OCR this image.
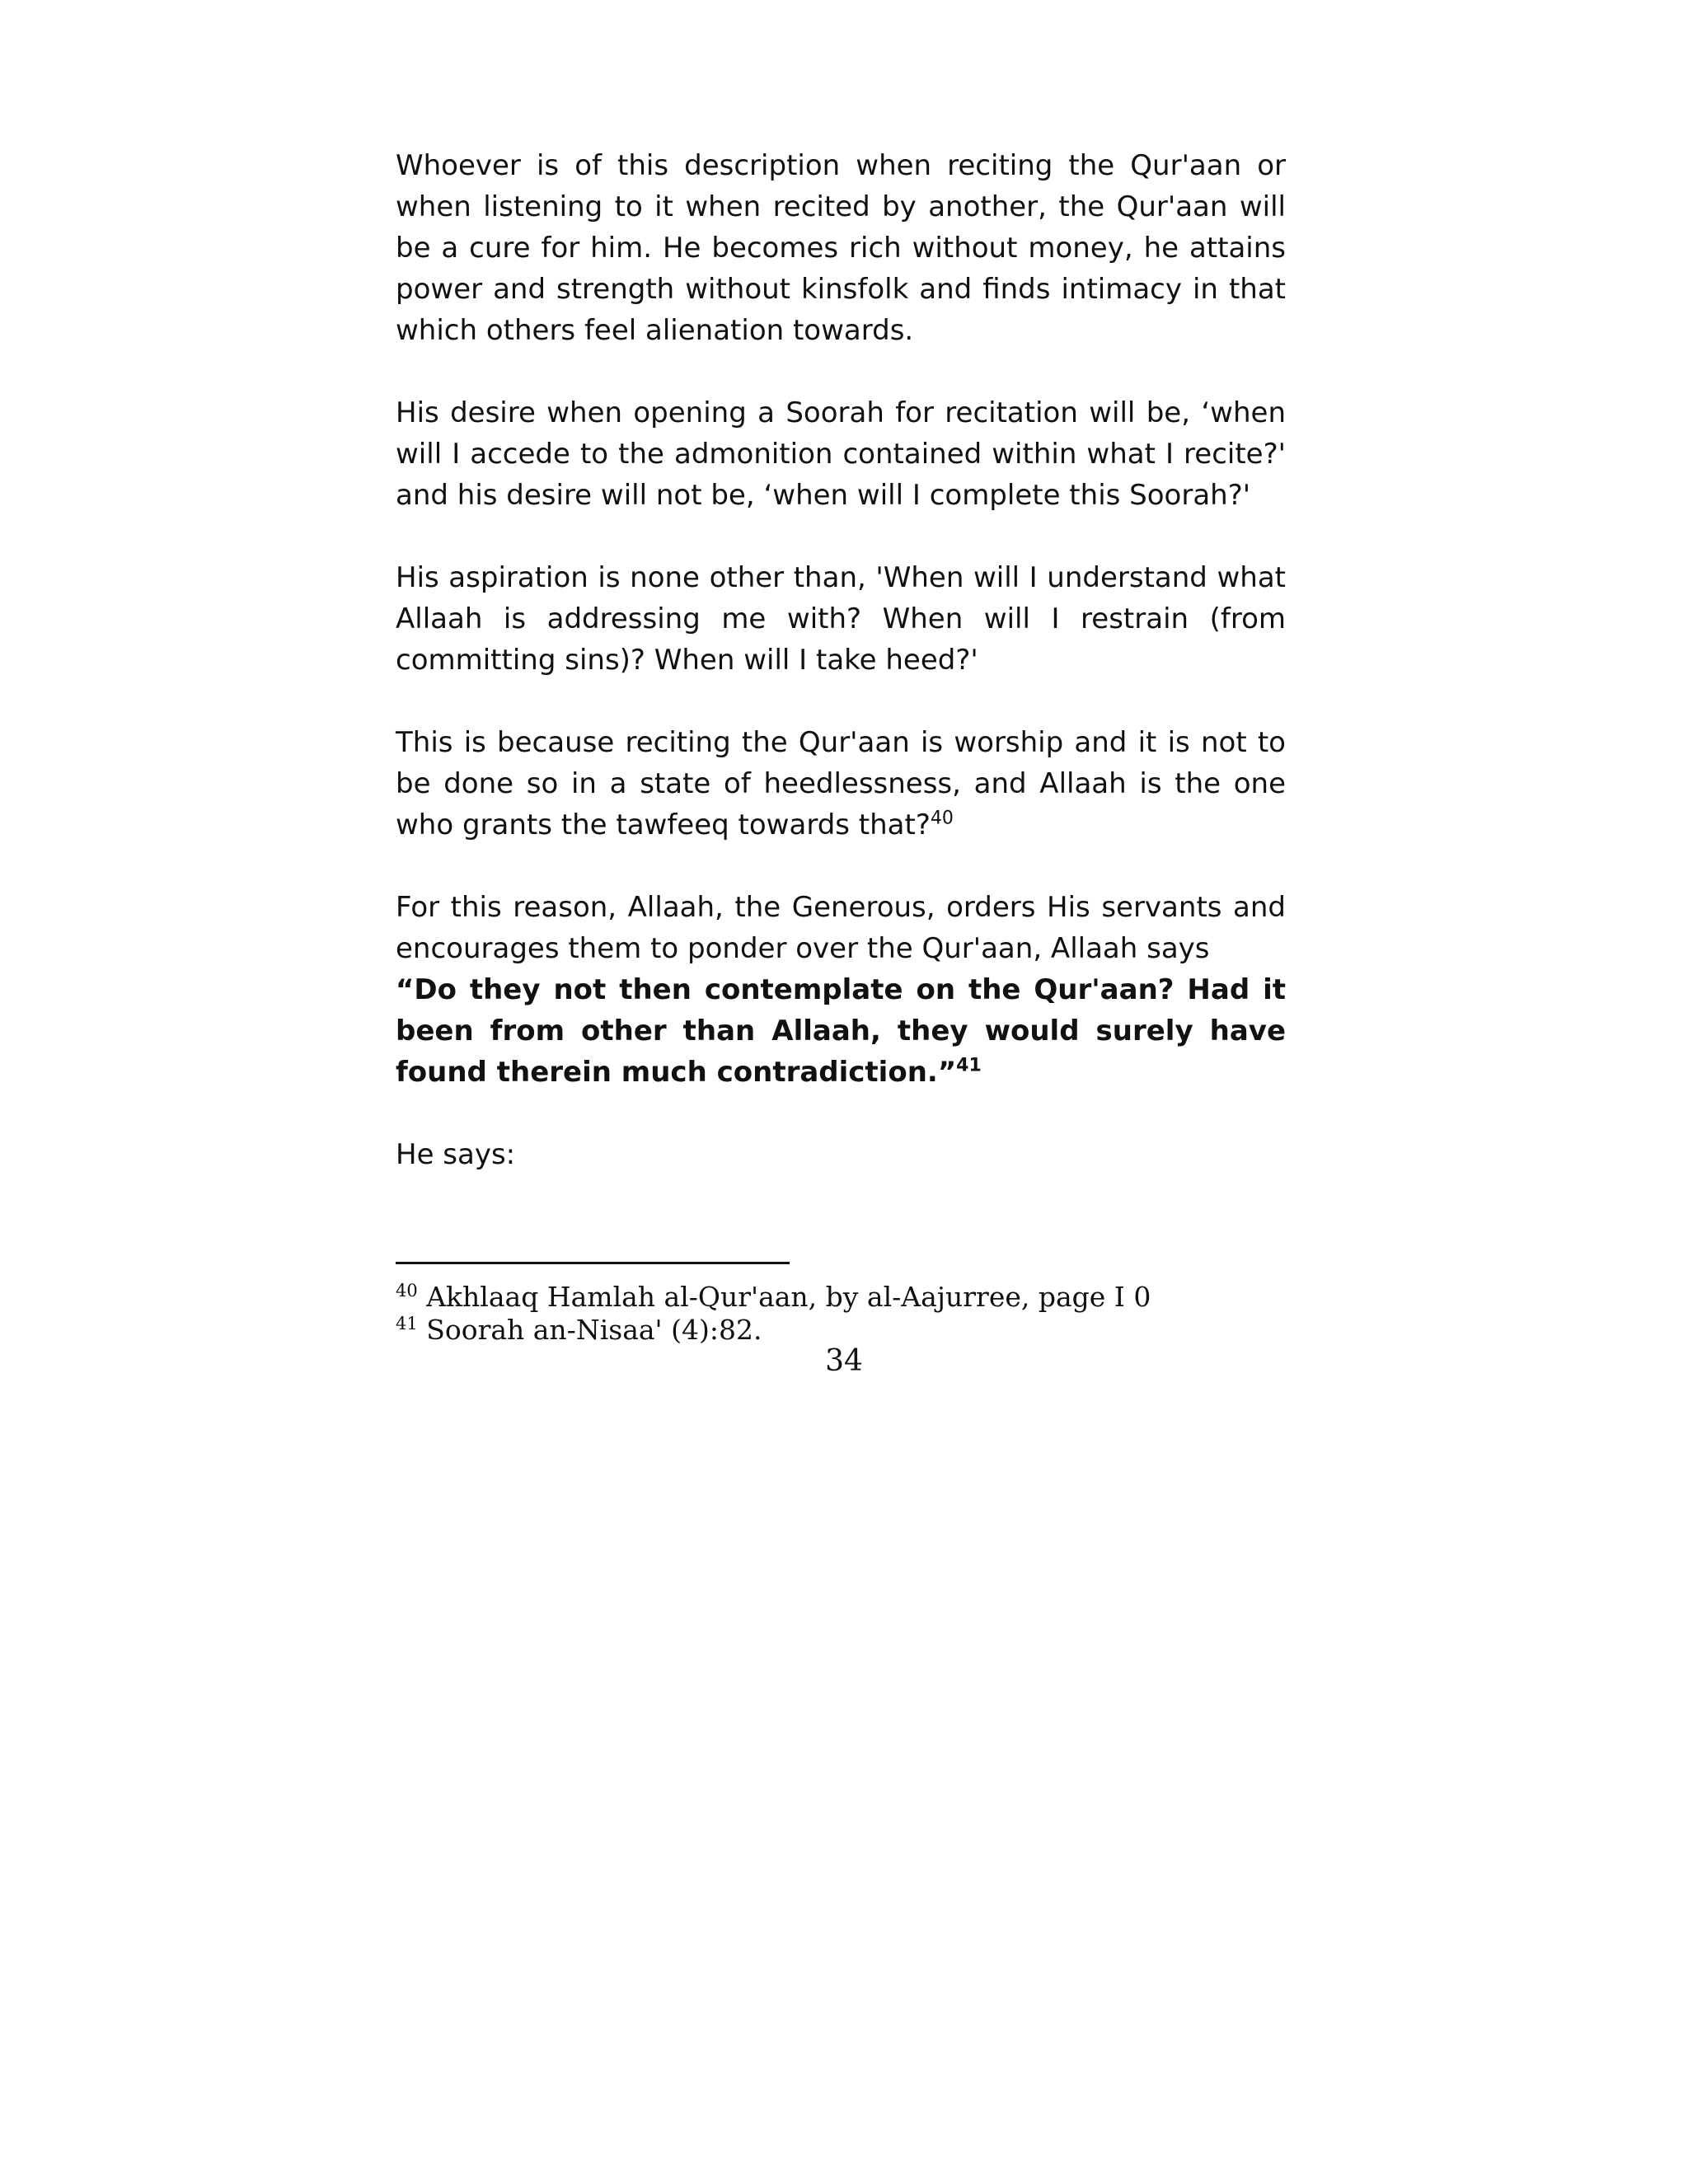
Whoever is of this description when reciting the Qur'aan or when listening to it when recited by another, the Qur'aan will be a cure for him. He becomes rich without money, he attains power and strength without kinsfolk and finds intimacy in that which others feel alienation towards.

His desire when opening a Soorah for recitation will be, ‘when will I accede to the admonition contained within what I recite?' and his desire will not be, ‘when will I complete this Soorah?'

His aspiration is none other than, 'When will I understand what Allaah is addressing me with? When will I restrain (from committing sins)? When will I take heed?'

This is because reciting the Qur'aan is worship and it is not to be done so in a state of heedlessness, and Allaah is the one who grants the tawfeeq towards that?$^{40}$

For this reason, Allaah, the Generous, orders His servants and encourages them to ponder over the Qur'aan, Allaah says
“Do they not then contemplate on the Qur'aan? Had it been from other than Allaah, they would surely have found therein much contradiction.”$^{41}$

He says:

$^{40}$ Akhlaaq Hamlah al-Qur'aan, by al-Aajurree, page I 0

$^{41}$ Soorah an-Nisaa' (4):82.

34
